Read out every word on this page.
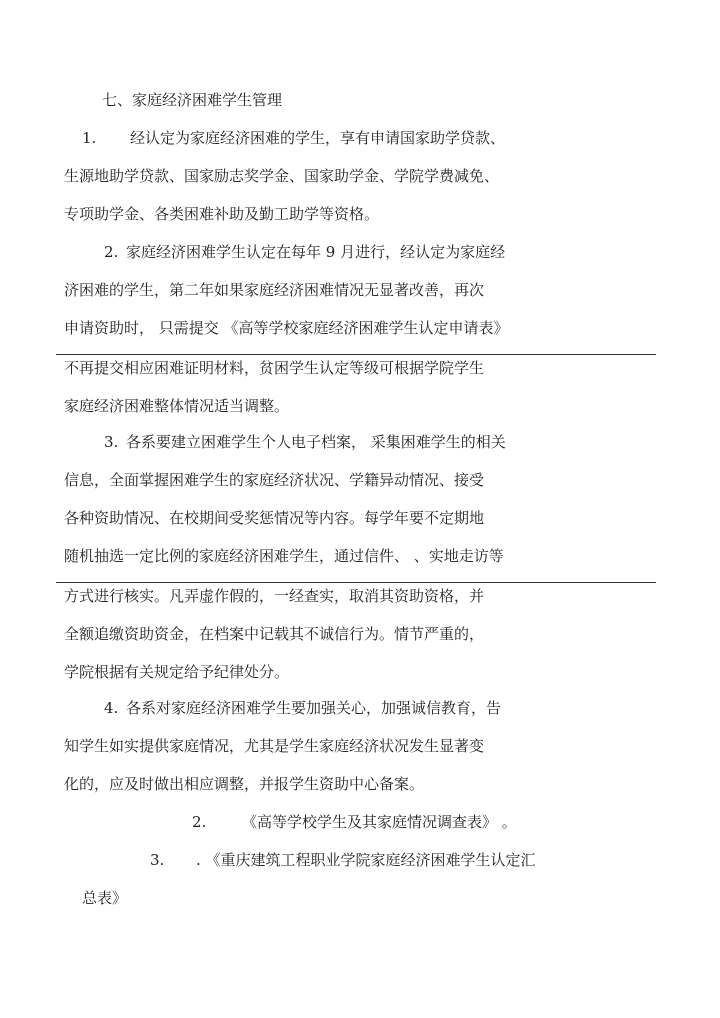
七、家庭经济困难学生管理
1. 经认定为家庭经济困难的学生，享有申请国家助学贷款、
生源地助学贷款、国家励志奖学金、国家助学金、学院学费减免、
专项助学金、各类困难补助及勤工助学等资格。
2. 家庭经济困难学生认定在每年 9 月进行，经认定为家庭经
济困难的学生，第二年如果家庭经济困难情况无显著改善，再次
申请资助时， 只需提交 《高等学校家庭经济困难学生认定申请表》
不再提交相应困难证明材料，贫困学生认定等级可根据学院学生
家庭经济困难整体情况适当调整。
3. 各系要建立困难学生个人电子档案， 采集困难学生的相关
信息，全面掌握困难学生的家庭经济状况、学籍异动情况、接受
各种资助情况、在校期间受奖惩情况等内容。每学年要不定期地
随机抽选一定比例的家庭经济困难学生，通过信件、 、实地走访等
方式进行核实。凡弄虚作假的，一经查实，取消其资助资格，并
全额追缴资助资金，在档案中记载其不诚信行为。情节严重的，
学院根据有关规定给予纪律处分。
4. 各系对家庭经济困难学生要加强关心，加强诚信教育，告
知学生如实提供家庭情况，尤其是学生家庭经济状况发生显著变
化的，应及时做出相应调整，并报学生资助中心备案。
2. 《高等学校学生及其家庭情况调查表》 。
3. . 《重庆建筑工程职业学院家庭经济困难学生认定汇
总表》
